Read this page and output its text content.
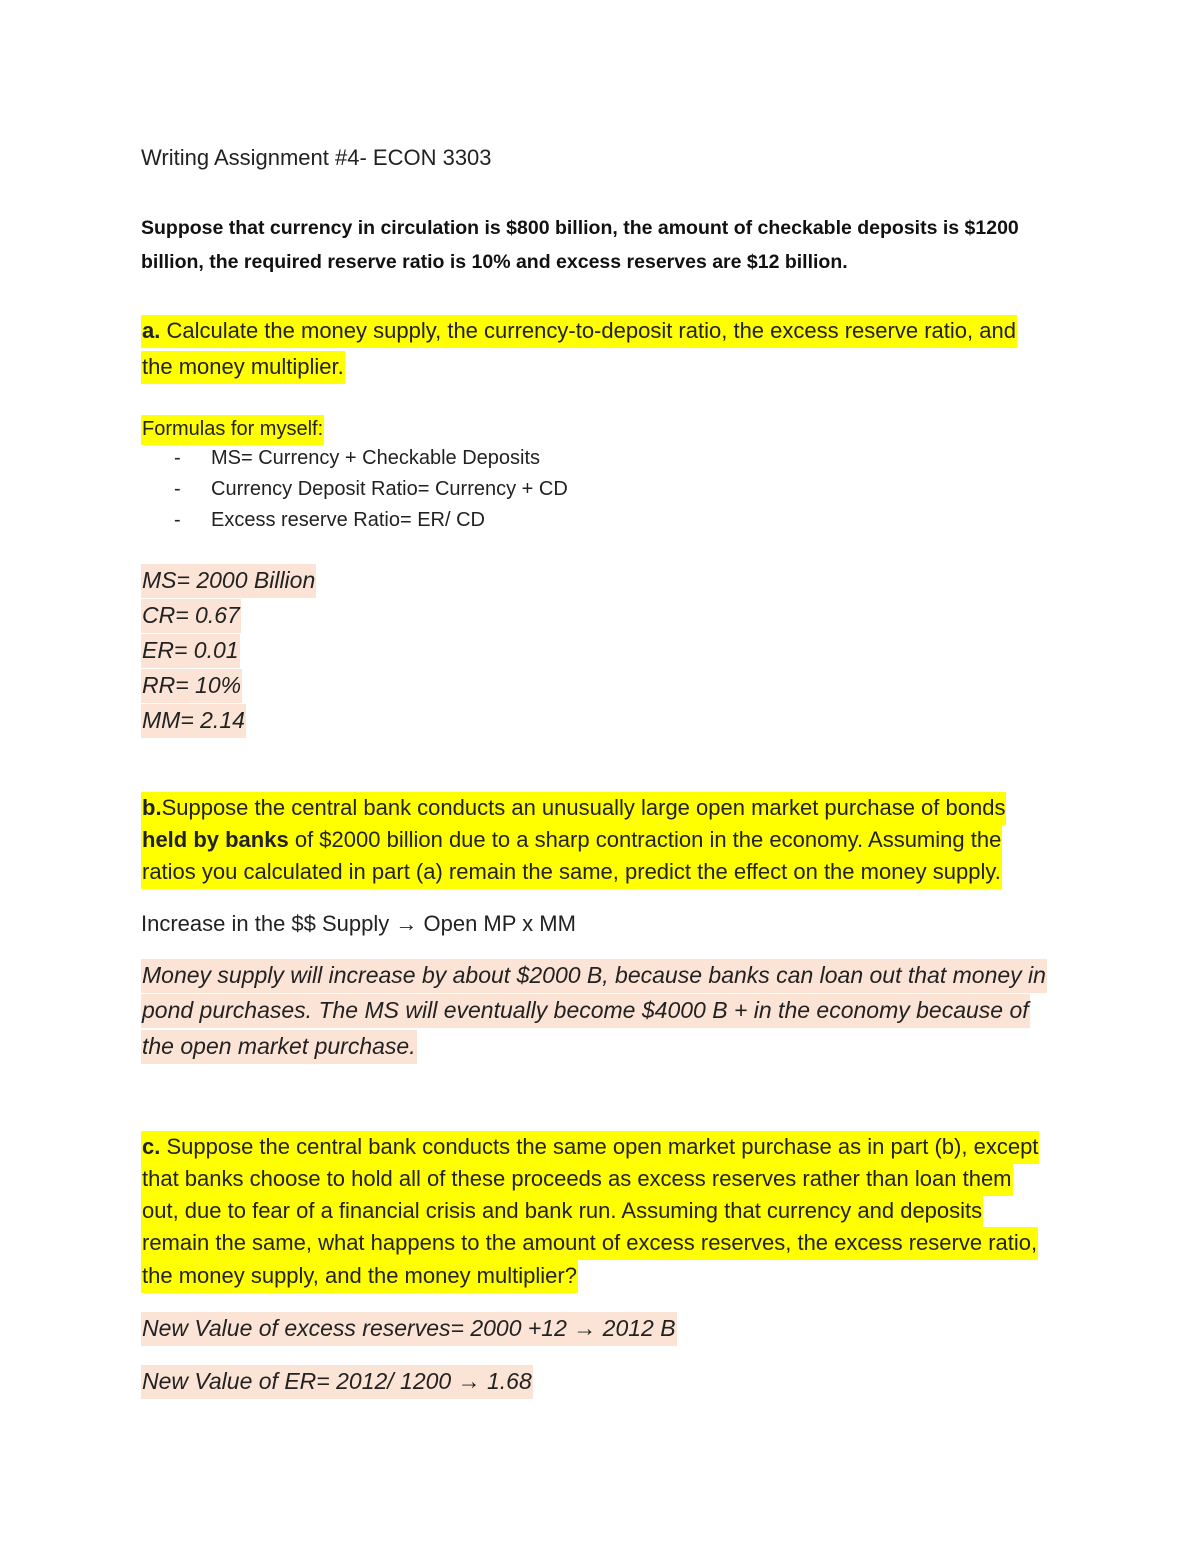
Writing Assignment #4- ECON 3303
Suppose that currency in circulation is $800 billion, the amount of checkable deposits is $1200
billion, the required reserve ratio is 10% and excess reserves are $12 billion.
a. Calculate the money supply, the currency-to-deposit ratio, the excess reserve ratio, and
the money multiplier.
Formulas for myself:
- MS= Currency + Checkable Deposits
- Currency Deposit Ratio= Currency + CD
- Excess reserve Ratio= ER/ CD
MS= 2000 Billion
CR= 0.67
ER= 0.01
RR= 10%
MM= 2.14
b.Suppose the central bank conducts an unusually large open market purchase of bonds
held by banks of $2000 billion due to a sharp contraction in the economy. Assuming the
ratios you calculated in part (a) remain the same, predict the effect on the money supply.
Increase in the $$ Supply → Open MP x MM
Money supply will increase by about $2000 B, because banks can loan out that money in
pond purchases. The MS will eventually become $4000 B + in the economy because of
the open market purchase.
c. Suppose the central bank conducts the same open market purchase as in part (b), except
that banks choose to hold all of these proceeds as excess reserves rather than loan them
out, due to fear of a financial crisis and bank run. Assuming that currency and deposits
remain the same, what happens to the amount of excess reserves, the excess reserve ratio,
the money supply, and the money multiplier?
New Value of excess reserves= 2000 +12 → 2012 B
New Value of ER= 2012/ 1200 → 1.68
